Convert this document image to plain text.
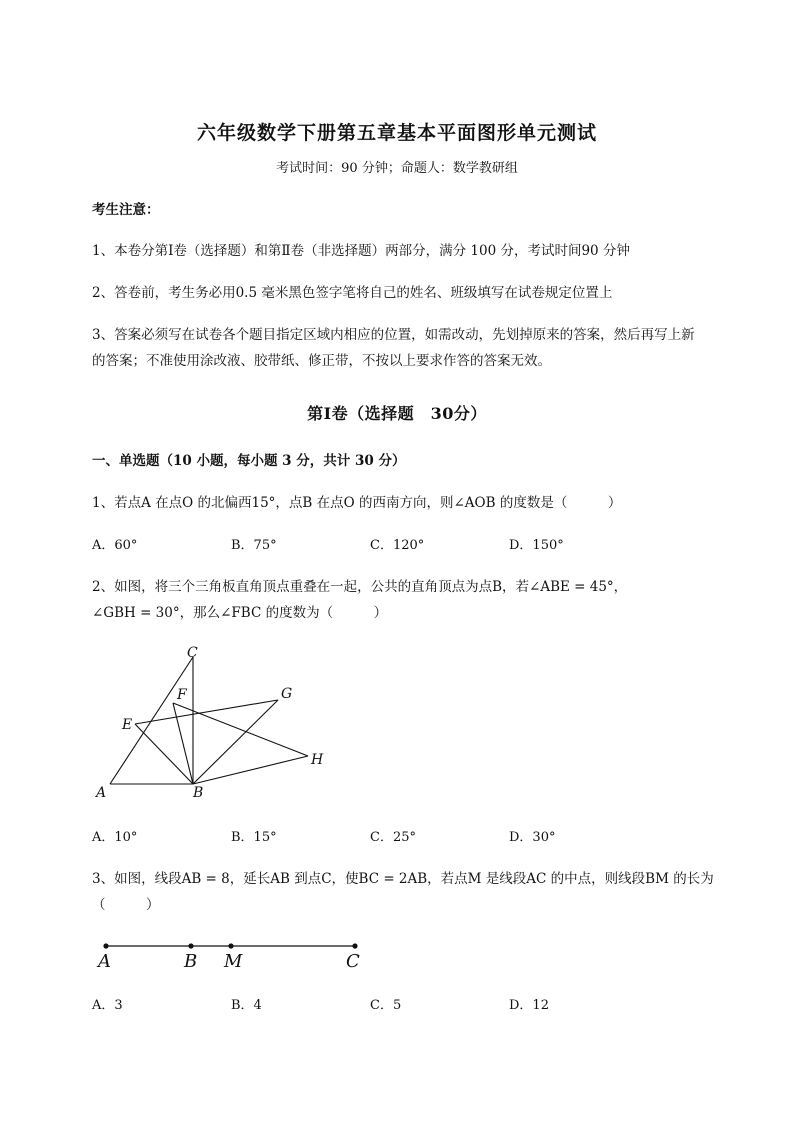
六年级数学下册第五章基本平面图形单元测试
考试时间：90 分钟；命题人：数学教研组
考生注意：
1、本卷分第Ⅰ卷（选择题）和第Ⅱ卷（非选择题）两部分，满分 100 分，考试时间90 分钟
2、答卷前，考生务必用0.5 毫米黑色签字笔将自己的姓名、班级填写在试卷规定位置上
3、答案必须写在试卷各个题目指定区域内相应的位置，如需改动，先划掉原来的答案，然后再写上新
的答案；不准使用涂改液、胶带纸、修正带，不按以上要求作答的答案无效。
第Ⅰ卷（选择题　30分）
一、单选题（10 小题，每小题 3 分，共计 30 分）
1、若点A 在点O 的北偏西15°，点B 在点O 的西南方向，则∠AOB 的度数是（　　　）
A．60°	B．75°	C．120°	D．150°
2、如图，将三个三角板直角顶点重叠在一起，公共的直角顶点为点B，若∠ABE = 45°，
∠GBH = 30°，那么∠FBC 的度数为（　　　）
C
F	G
E
H
A	B
A．10°	B．15°	C．25°	D．30°
3、如图，线段AB = 8，延长AB 到点C，使BC = 2AB，若点M 是线段AC 的中点，则线段BM 的长为
（　　　）
A	B M	C
A．3	B．4	C．5	D．12
